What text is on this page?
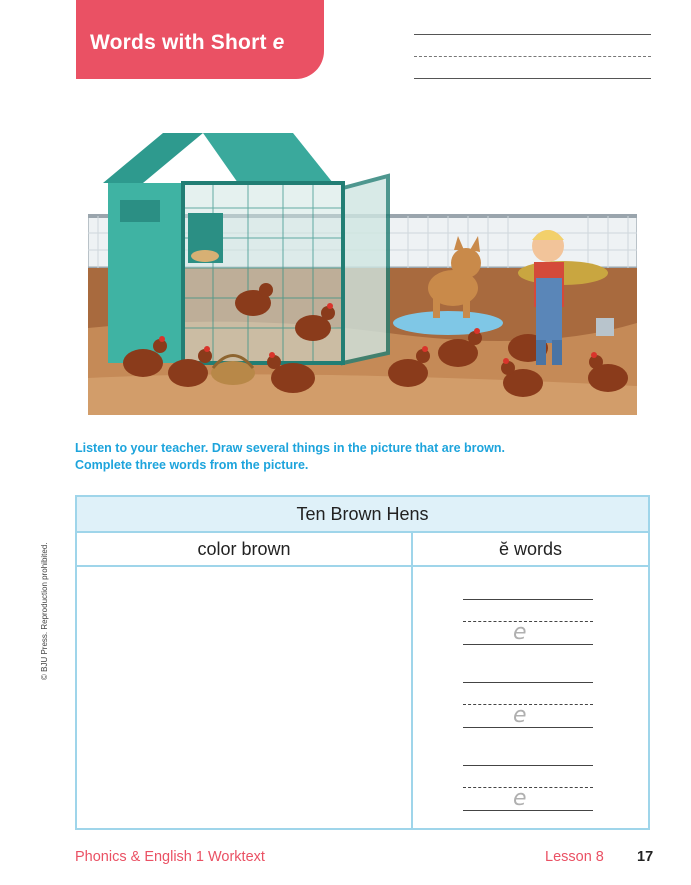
Words with Short e
Listen to your teacher. Draw several things in the picture that are brown.
Complete three words from the picture.
Ten Brown Hens
color brown	ĕ words
e
e
e
© BJU Press. Reproduction prohibited.
Phonics & English 1 Worktext	Lesson 8 17
